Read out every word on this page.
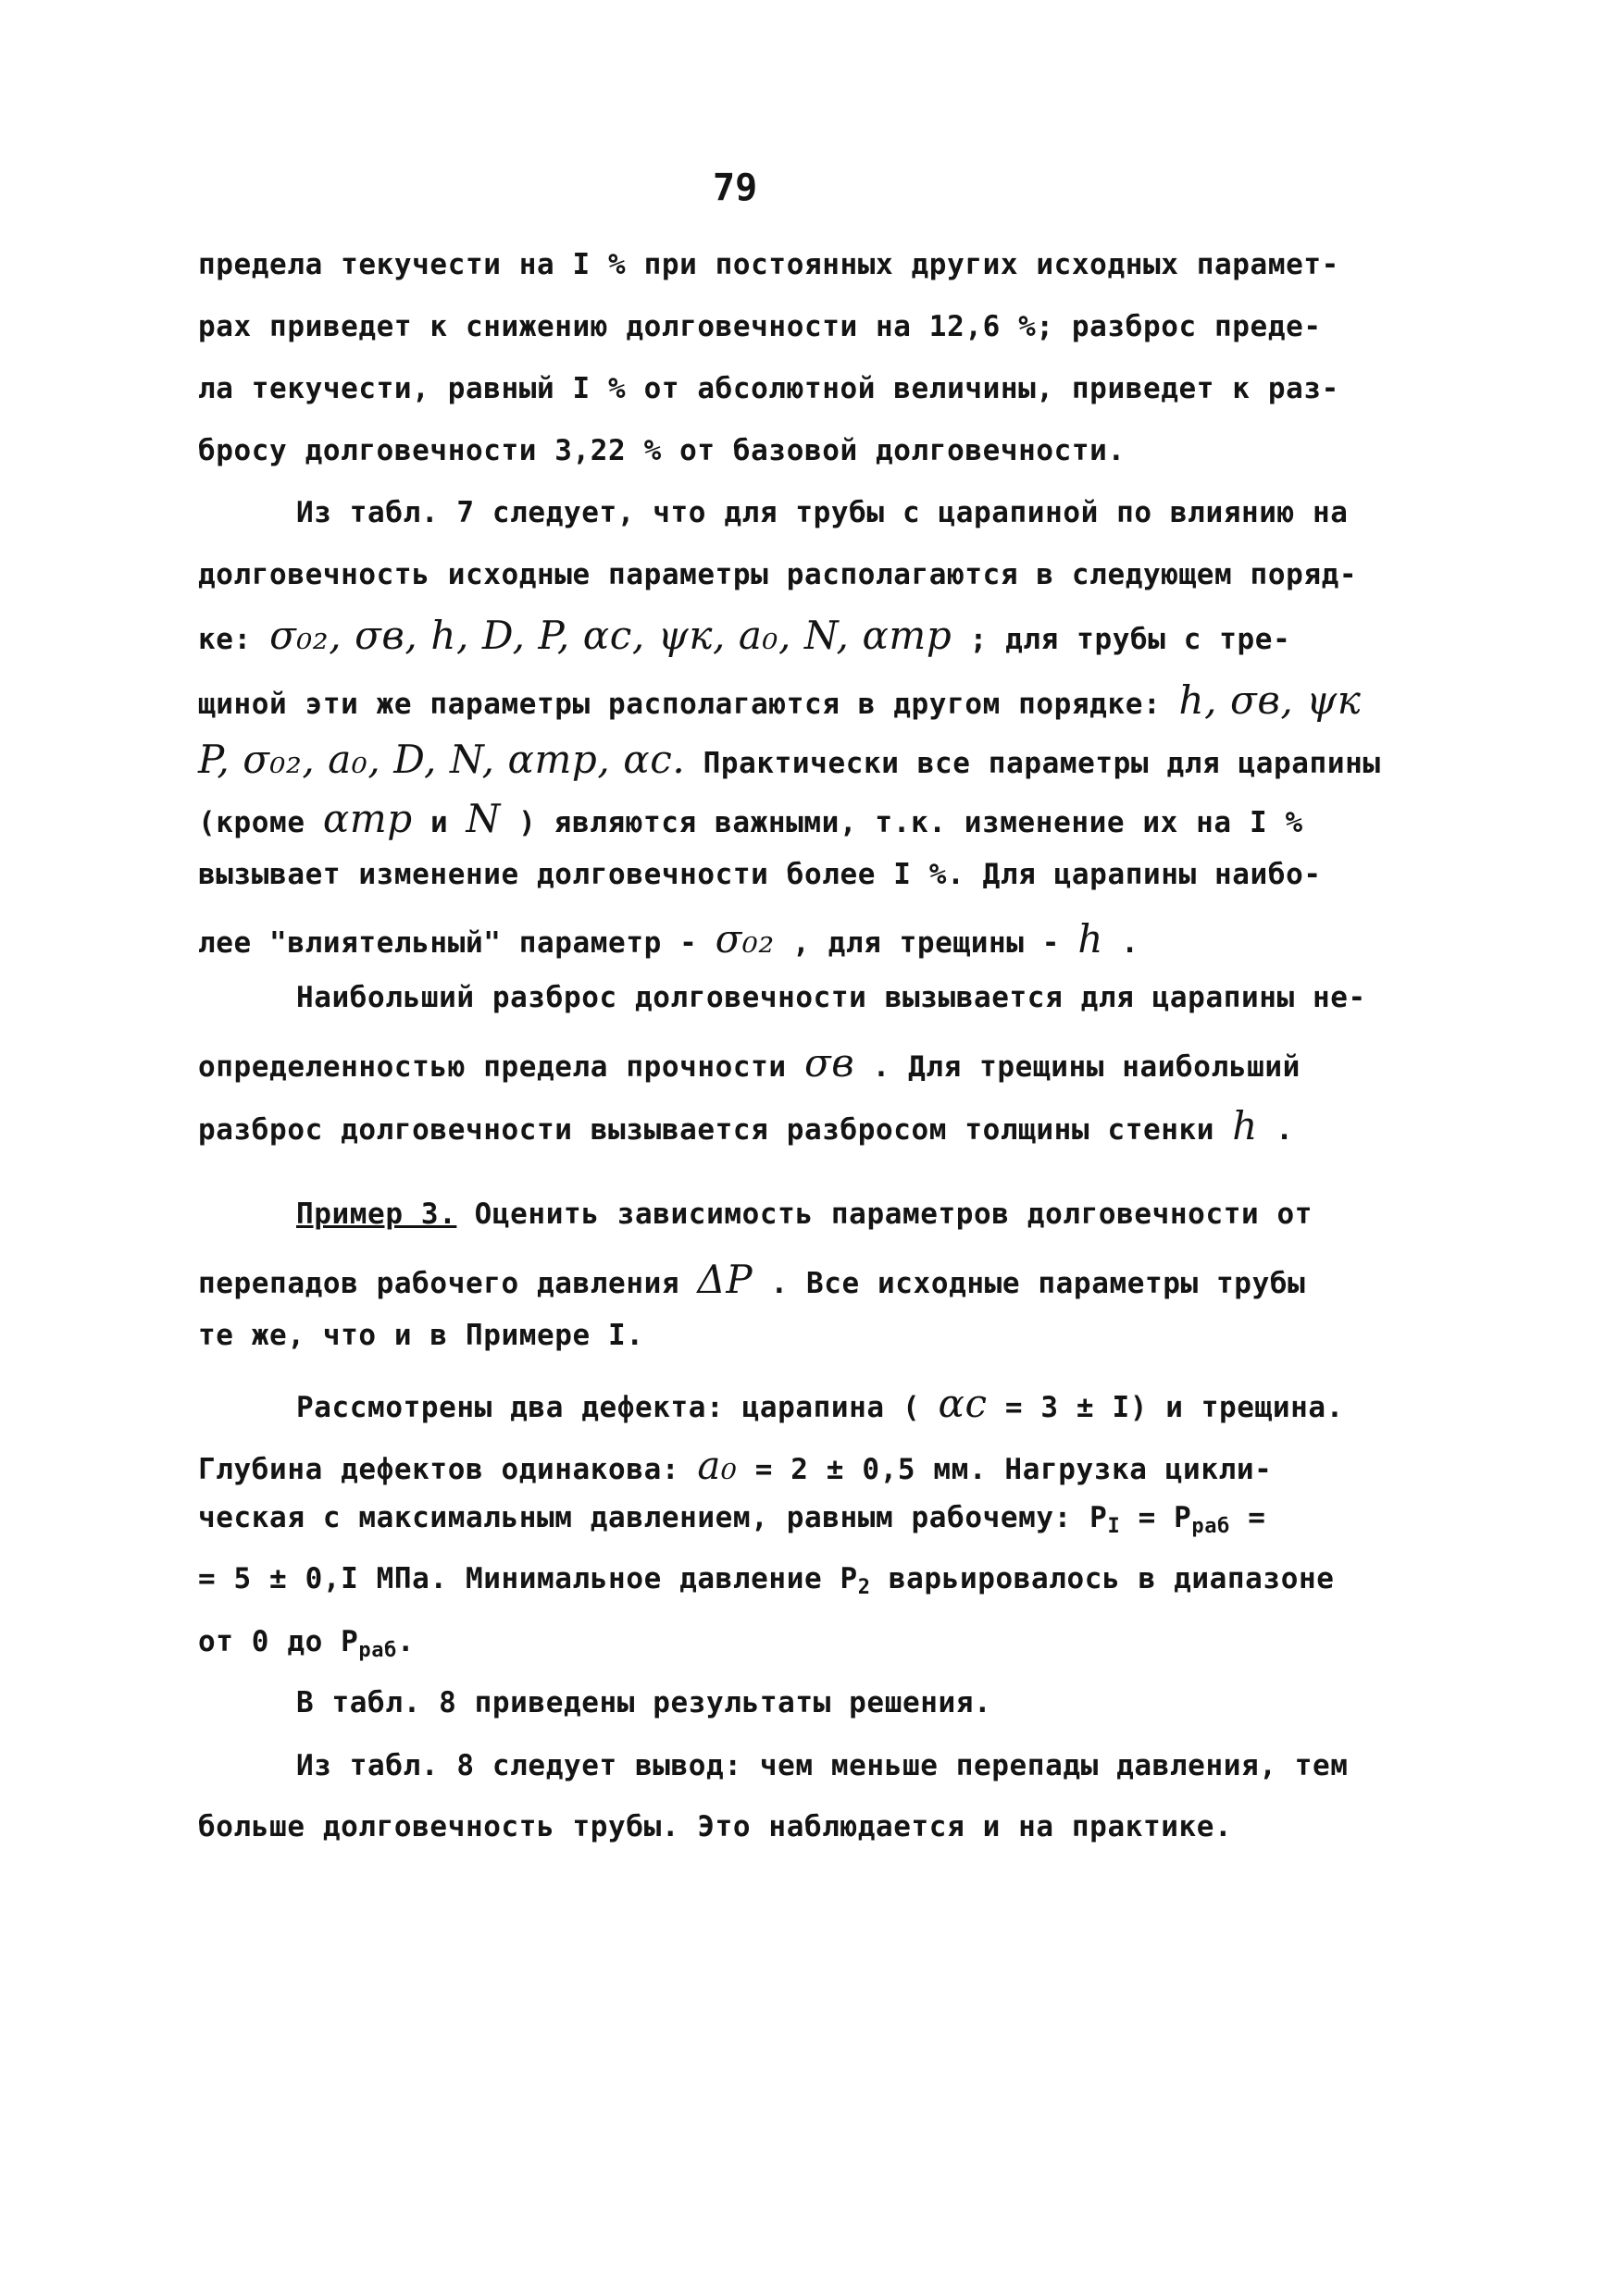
79
предела текучести на I % при постоянных других исходных парамет-
рах приведет к снижению долговечности на 12,6 %; разброс преде-
ла текучести, равный I % от абсолютной величины, приведет к раз-
бросу долговечности 3,22 % от базовой долговечности.
Из табл. 7 следует, что для трубы с царапиной по влиянию на
долговечность исходные параметры располагаются в следующем поряд-
ке: σ₀₂, σв, h, D, P, αс, ψк, a₀, N, αтр ; для трубы с тре-
щиной эти же параметры располагаются в другом порядке: h, σв, ψк
P, σ₀₂, a₀, D, N, αтр, αс. Практически все параметры для царапины
(кроме αтр и N ) являются важными, т.к. изменение их на I %
вызывает изменение долговечности более I %. Для царапины наибо-
лее "влиятельный" параметр - σ₀₂ , для трещины - h .
Наибольший разброс долговечности вызывается для царапины не-
определенностью предела прочности σв . Для трещины наибольший
разброс долговечности вызывается разбросом толщины стенки h .
Пример 3. Оценить зависимость параметров долговечности от
перепадов рабочего давления ΔP . Все исходные параметры трубы
те же, что и в Примере I.
Рассмотрены два дефекта: царапина ( αс = 3 ± I) и трещина.
Глубина дефектов одинакова: a₀ = 2 ± 0,5 мм. Нагрузка цикли-
ческая с максимальным давлением, равным рабочему: $P_I = P_{раб}$ =
= 5 ± 0,I МПа. Минимальное давление $P_2$ варьировалось в диапазоне
от 0 до $P_{раб}$.
В табл. 8 приведены результаты решения.
Из табл. 8 следует вывод: чем меньше перепады давления, тем
больше долговечность трубы. Это наблюдается и на практике.
